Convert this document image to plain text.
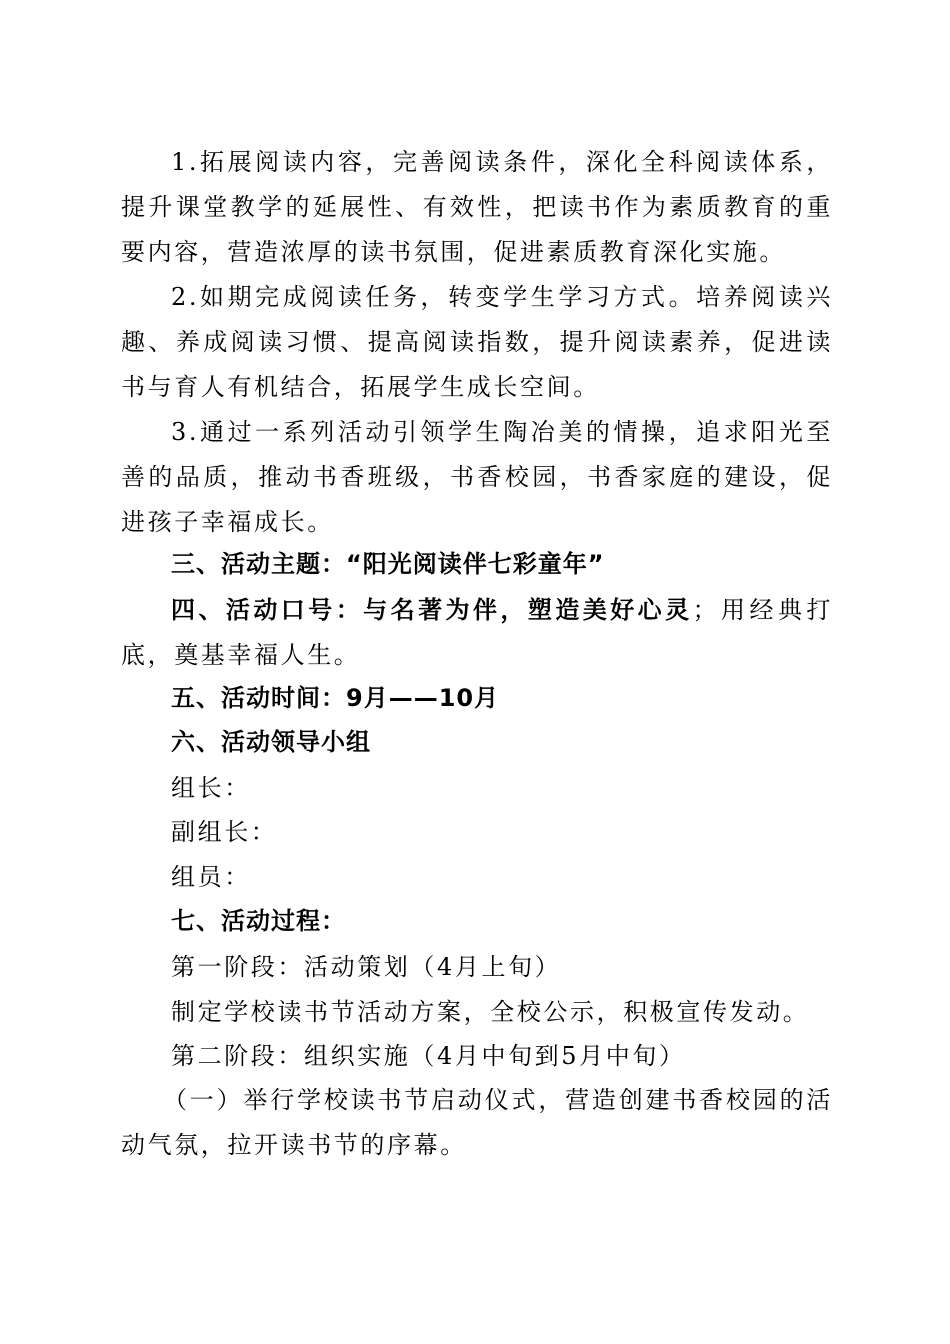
1.拓展阅读内容，完善阅读条件，深化全科阅读体系，提升课堂教学的延展性、有效性，把读书作为素质教育的重要内容，营造浓厚的读书氛围，促进素质教育深化实施。

2.如期完成阅读任务，转变学生学习方式。培养阅读兴趣、养成阅读习惯、提高阅读指数，提升阅读素养，促进读书与育人有机结合，拓展学生成长空间。

3.通过一系列活动引领学生陶冶美的情操，追求阳光至善的品质，推动书香班级，书香校园，书香家庭的建设，促进孩子幸福成长。

三、活动主题：“阳光阅读伴七彩童年”

四、活动口号：与名著为伴，塑造美好心灵；用经典打底，奠基幸福人生。

五、活动时间：9月——10月

六、活动领导小组

组长：

副组长：

组员：

七、活动过程：

第一阶段：活动策划（4月上旬）

制定学校读书节活动方案，全校公示，积极宣传发动。

第二阶段：组织实施（4月中旬到5月中旬）

（一）举行学校读书节启动仪式，营造创建书香校园的活动气氛，拉开读书节的序幕。
